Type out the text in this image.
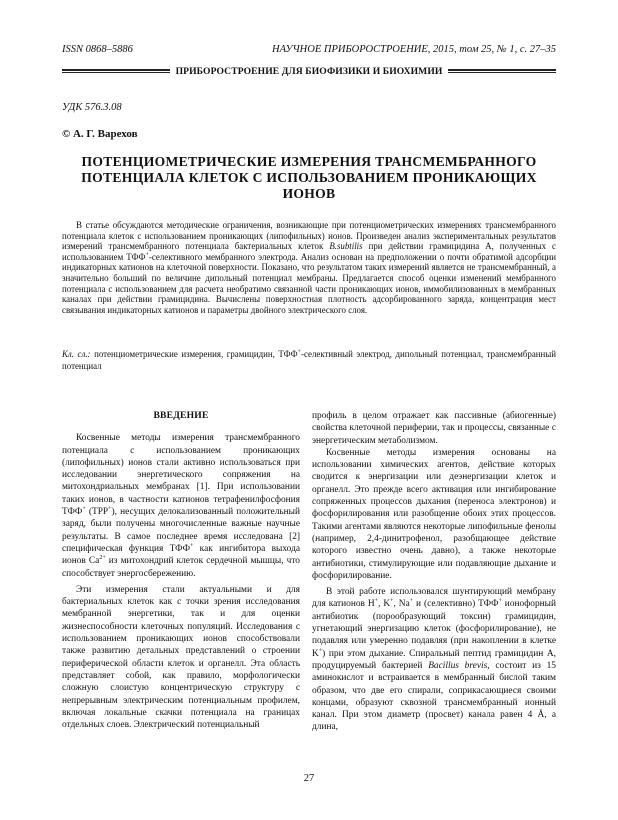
ISSN 0868–5886	НАУЧНОЕ ПРИБОРОСТРОЕНИЕ, 2015, том 25, № 1, c. 27–35
ПРИБОРОСТРОЕНИЕ ДЛЯ БИОФИЗИКИ И БИОХИМИИ
УДК 576.3.08
© А. Г. Варехов
ПОТЕНЦИОМЕТРИЧЕСКИЕ ИЗМЕРЕНИЯ ТРАНСМЕМБРАННОГО ПОТЕНЦИАЛА КЛЕТОК С ИСПОЛЬЗОВАНИЕМ ПРОНИКАЮЩИХ ИОНОВ
В статье обсуждаются методические ограничения, возникающие при потенциометрических измерениях трансмембранного потенциала клеток с использованием проникающих (липофильных) ионов. Произведен анализ экспериментальных результатов измерений трансмембранного потенциала бактериальных клеток B.subtilis при действии грамицидина А, полученных с использованием ТФФ+-селективного мембранного электрода. Анализ основан на предположении о почти обратимой адсорбции индикаторных катионов на клеточной поверхности. Показано, что результатом таких измерений является не трансмембранный, а значительно больший по величине дипольный потенциал мембраны. Предлагается способ оценки изменений мембранного потенциала с использованием для расчета необратимо связанной части проникающих ионов, иммобилизованных в мембранных каналах при действии грамицидина. Вычислены поверхностная плотность адсорбированного заряда, концентрация мест связывания индикаторных катионов и параметры двойного электрического слоя.
Кл. сл.: потенциометрические измерения, грамицидин, ТФФ+-селективный электрод, дипольный потенциал, трансмембранный потенциал

ВВЕДЕНИЕ

Косвенные методы измерения трансмембранного потенциала с использованием проникающих (липофильных) ионов стали активно использоваться при исследовании энергетического сопряжения на митохондриальных мембранах [1]. При использовании таких ионов, в частности катионов тетрафенилфосфония ТФФ+ (TPP+), несущих делокализованный положительный заряд, были получены многочисленные важные научные результаты. В самое последнее время исследована [2] специфическая функция ТФФ+ как ингибитора выхода ионов $Ca^{2+}$ из митохондрий клеток сердечной мышцы, что способствует энергосбережению.

Эти измерения стали актуальными и для бактериальных клеток как с точки зрения исследования мембранной энергетики, так и для оценки жизнеспособности клеточных популяций. Исследования с использованием проникающих ионов способствовали также развитию детальных представлений о строении периферической области клеток и органелл. Эта область представляет собой, как правило, морфологически сложную слоистую концентрическую структуру с непрерывным электрическим потенциальным профилем, включая локальные скачки потенциала на границах отдельных слоев. Электрический потенциальный

профиль в целом отражает как пассивные (абиогенные) свойства клеточной периферии, так и процессы, связанные с энергетическим метаболизмом.

Косвенные методы измерения основаны на использовании химических агентов, действие которых сводится к энергизации или деэнергизации клеток и органелл. Это прежде всего активация или ингибирование сопряженных процессов дыхания (переноса электронов) и фосфорилирования или разобщение обоих этих процессов. Такими агентами являются некоторые липофильные фенолы (например, 2,4-динитрофенол, разобщающее действие которого известно очень давно), а также некоторые антибиотики, стимулирующие или подавляющие дыхание и фосфорилирование.

В этой работе использовался шунтирующий мембрану для катионов H+, K+, Na+ и (селективно) ТФФ+ ионофорный антибиотик (порообразующий токсин) грамицидин, угнетающий энергизацию клеток (фосфорилирование), не подавляя или умеренно подавляя (при накоплении в клетке K+) при этом дыхание. Спиральный пептид грамицидин А, продуцируемый бактерией Bacillus brevis, состоит из 15 аминокислот и встраивается в мембранный бислой таким образом, что две его спирали, соприкасающиеся своими концами, образуют сквозной трансмембранный ионный канал. При этом диаметр (просвет) канала равен 4 Å, а длина,

27
